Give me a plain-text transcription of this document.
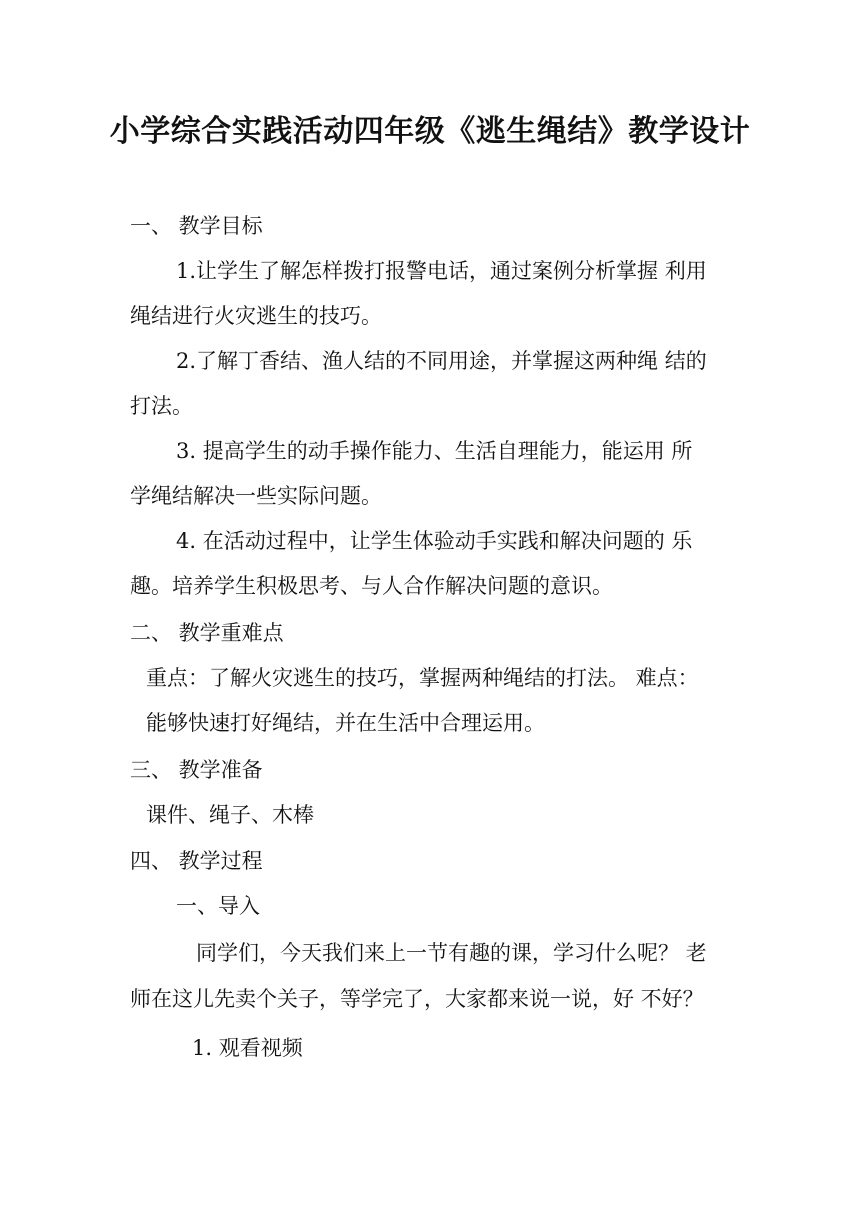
小学综合实践活动四年级《逃生绳结》教学设计
一、 教学目标
1.让学生了解怎样拨打报警电话，通过案例分析掌握 利用
绳结进行火灾逃生的技巧。
2.了解丁香结、渔人结的不同用途，并掌握这两种绳 结的
打法。
3. 提高学生的动手操作能力、生活自理能力，能运用 所
学绳结解决一些实际问题。
4. 在活动过程中，让学生体验动手实践和解决问题的 乐
趣。培养学生积极思考、与人合作解决问题的意识。
二、 教学重难点
重点：了解火灾逃生的技巧，掌握两种绳结的打法。 难点：
能够快速打好绳结，并在生活中合理运用。
三、 教学准备
课件、绳子、木棒
四、 教学过程
一、导入
同学们，今天我们来上一节有趣的课，学习什么呢？ 老
师在这儿先卖个关子，等学完了，大家都来说一说，好 不好？
1. 观看视频
